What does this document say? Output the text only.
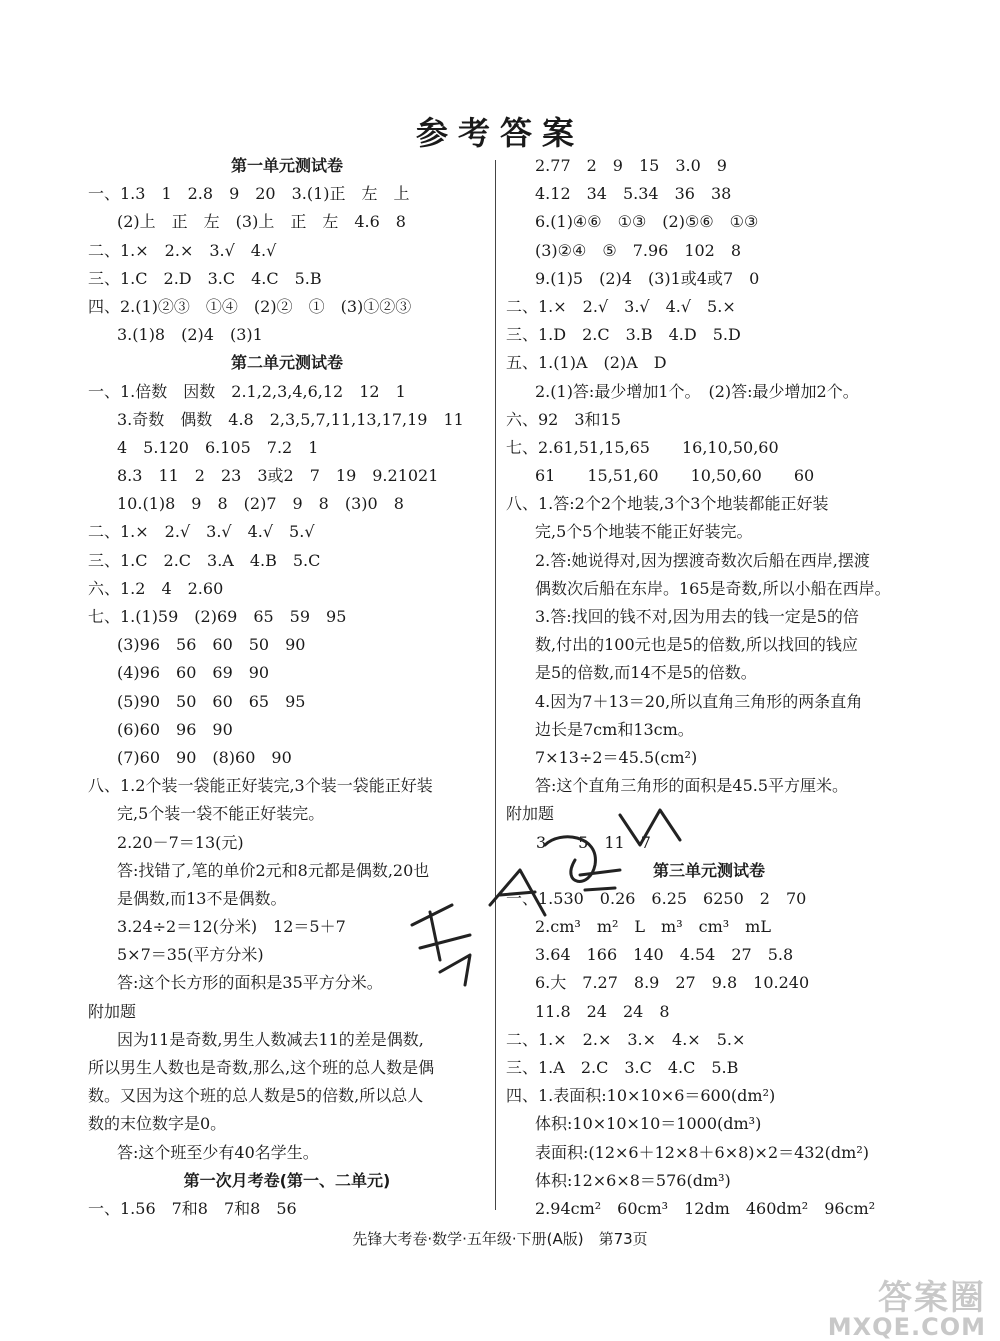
参考答案
第一单元测试卷
一、1.3　1　2.8　9　20　3.(1)正　左　上
(2)上　正　左　(3)上　正　左　4.6　8
二、1.×　2.×　3.√　4.√
三、1.C　2.D　3.C　4.C　5.B
四、2.(1)②③　①④　(2)②　①　(3)①②③
3.(1)8　(2)4　(3)1
第二单元测试卷
一、1.倍数　因数　2.1,2,3,4,6,12　12　1
3.奇数　偶数　4.8　2,3,5,7,11,13,17,19　11
4　5.120　6.105　7.2　1
8.3　11　2　23　3或2　7　19　9.21021
10.(1)8　9　8　(2)7　9　8　(3)0　8
二、1.×　2.√　3.√　4.√　5.√
三、1.C　2.C　3.A　4.B　5.C
六、1.2　4　2.60
七、1.(1)59　(2)69　65　59　95
(3)96　56　60　50　90
(4)96　60　69　90
(5)90　50　60　65　95
(6)60　96　90
(7)60　90　(8)60　90
八、1.2个装一袋能正好装完,3个装一袋能正好装
完,5个装一袋不能正好装完。
2.20－7＝13(元)
答:找错了,笔的单价2元和8元都是偶数,20也
是偶数,而13不是偶数。
3.24÷2＝12(分米)　12＝5＋7
5×7＝35(平方分米)
答:这个长方形的面积是35平方分米。
附加题
因为11是奇数,男生人数减去11的差是偶数,
所以男生人数也是奇数,那么,这个班的总人数是偶
数。又因为这个班的总人数是5的倍数,所以总人
数的末位数字是0。
答:这个班至少有40名学生。
第一次月考卷(第一、二单元)
一、1.56　7和8　7和8　56
2.77　2　9　15　3.0　9
4.12　34　5.34　36　38
6.(1)④⑥　①③　(2)⑤⑥　①③
(3)②④　⑤　7.96　102　8
9.(1)5　(2)4　(3)1或4或7　0
二、1.×　2.√　3.√　4.√　5.×
三、1.D　2.C　3.B　4.D　5.D
五、1.(1)A　(2)A　D
2.(1)答:最少增加1个。　(2)答:最少增加2个。
六、92　3和15
七、2.61,51,15,65　　16,10,50,60
61　　15,51,60　　10,50,60　　60
八、1.答:2个2个地装,3个3个地装都能正好装
完,5个5个地装不能正好装完。
2.答:她说得对,因为摆渡奇数次后船在西岸,摆渡
偶数次后船在东岸。165是奇数,所以小船在西岸。
3.答:找回的钱不对,因为用去的钱一定是5的倍
数,付出的100元也是5的倍数,所以找回的钱应
是5的倍数,而14不是5的倍数。
4.因为7＋13＝20,所以直角三角形的两条直角
边长是7cm和13cm。
7×13÷2＝45.5(cm²)
答:这个直角三角形的面积是45.5平方厘米。
附加题
3　　5　11　7
第三单元测试卷
一、1.530　0.26　6.25　6250　2　70
2.cm³　m²　L　m³　cm³　mL
3.64　166　140　4.54　27　5.8
6.大　7.27　8.9　27　9.8　10.240
11.8　24　24　8
二、1.×　2.×　3.×　4.×　5.×
三、1.A　2.C　3.C　4.C　5.B
四、1.表面积:10×10×6＝600(dm²)
体积:10×10×10＝1000(dm³)
表面积:(12×6＋12×8＋6×8)×2＝432(dm²)
体积:12×6×8＝576(dm³)
2.94cm²　60cm³　12dm　460dm²　96cm²
先锋大考卷·数学·五年级·下册(A版)　第73页
答案圈
MXQE.COM
